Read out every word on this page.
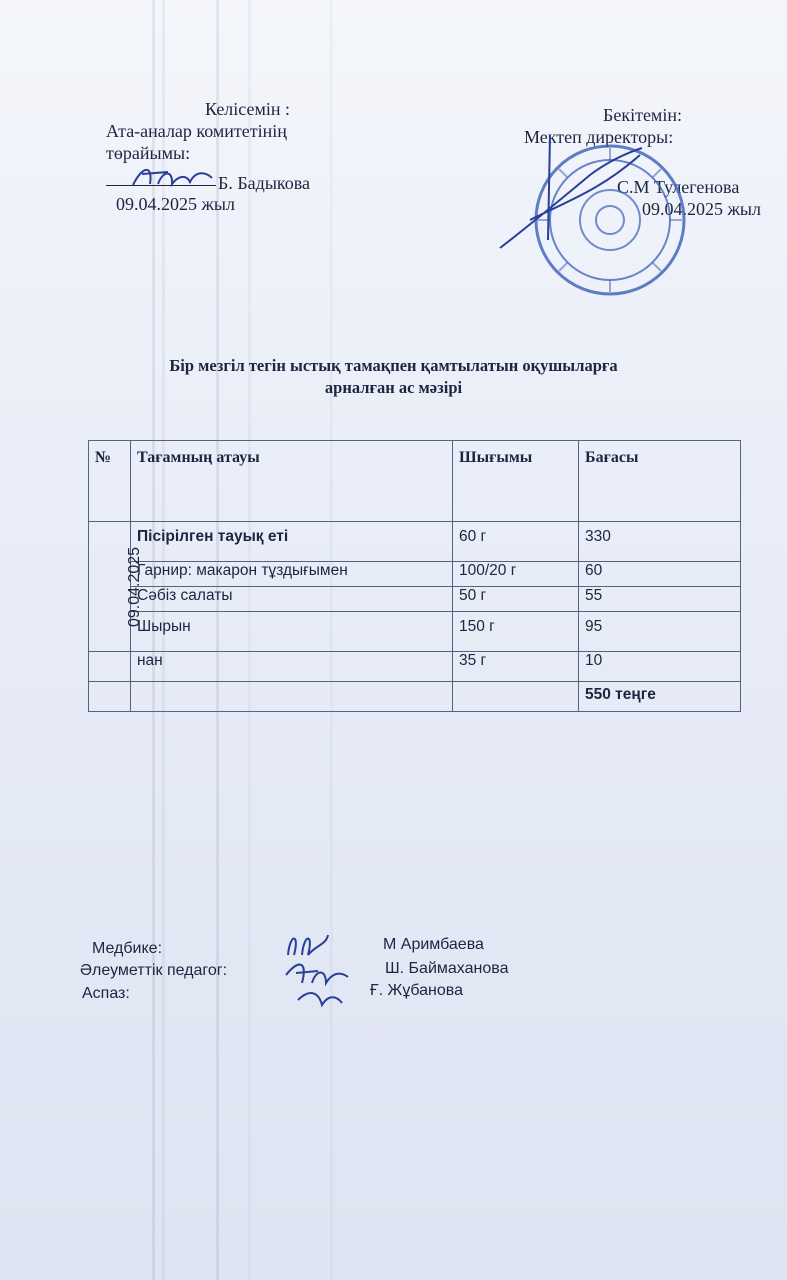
Келісемін :
Ата-аналар комитетінің
төрайымы:
Б. Бадыкова
09.04.2025 жыл
Бекітемін:
Мектеп директоры:
С.М Тулегенова
09.04.2025 жыл
Бір мезгіл тегін ыстық тамақпен қамтылатын оқушыларға
арналған ас мәзірі
№	Тағамның атауы	Шығымы	Бағасы
09.04.2025	Пісірілген тауық еті	60 г	330
	Гарнир: макарон тұздығымен	100/20 г	60
	Сәбіз салаты	50 г	55
	Шырын	150 г	95
	нан	35 г	10
			550 теңге
Медбике:	М Аримбаева
Әлеуметтік педагог:	Ш. Баймаханова
Аспаз:	Ғ. Жұбанова
